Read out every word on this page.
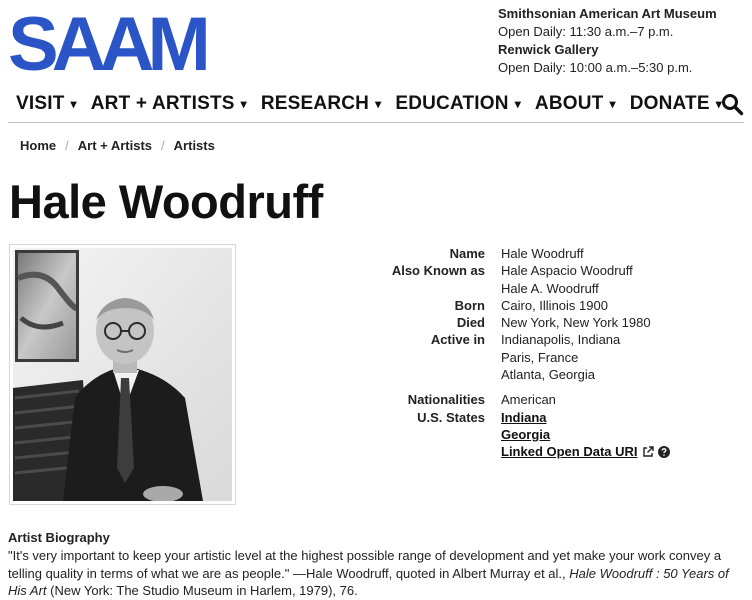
SAAM	Smithsonian American Art Museum
Open Daily: 11:30 a.m.–7 p.m.
Renwick Gallery
Open Daily: 10:00 a.m.–5:30 p.m.
VISIT ▾ ART + ARTISTS ▾ RESEARCH ▾ EDUCATION ▾ ABOUT ▾ DONATE ▾
Home / Art + Artists / Artists
Hale Woodruff
Name	Hale Woodruff
Also Known as	Hale Aspacio Woodruff
Hale A. Woodruff
Born	Cairo, Illinois 1900
Died	New York, New York 1980
Active in	Indianapolis, Indiana
Paris, France
Atlanta, Georgia
Nationalities	American
U.S. States	Indiana
Georgia
Linked Open Data URI
Artist Biography
"It's very important to keep your artistic level at the highest possible range of development and yet make your work convey a telling quality in terms of what we are as people." —Hale Woodruff, quoted in Albert Murray et al., Hale Woodruff : 50 Years of His Art (New York: The Studio Museum in Harlem, 1979), 76.
